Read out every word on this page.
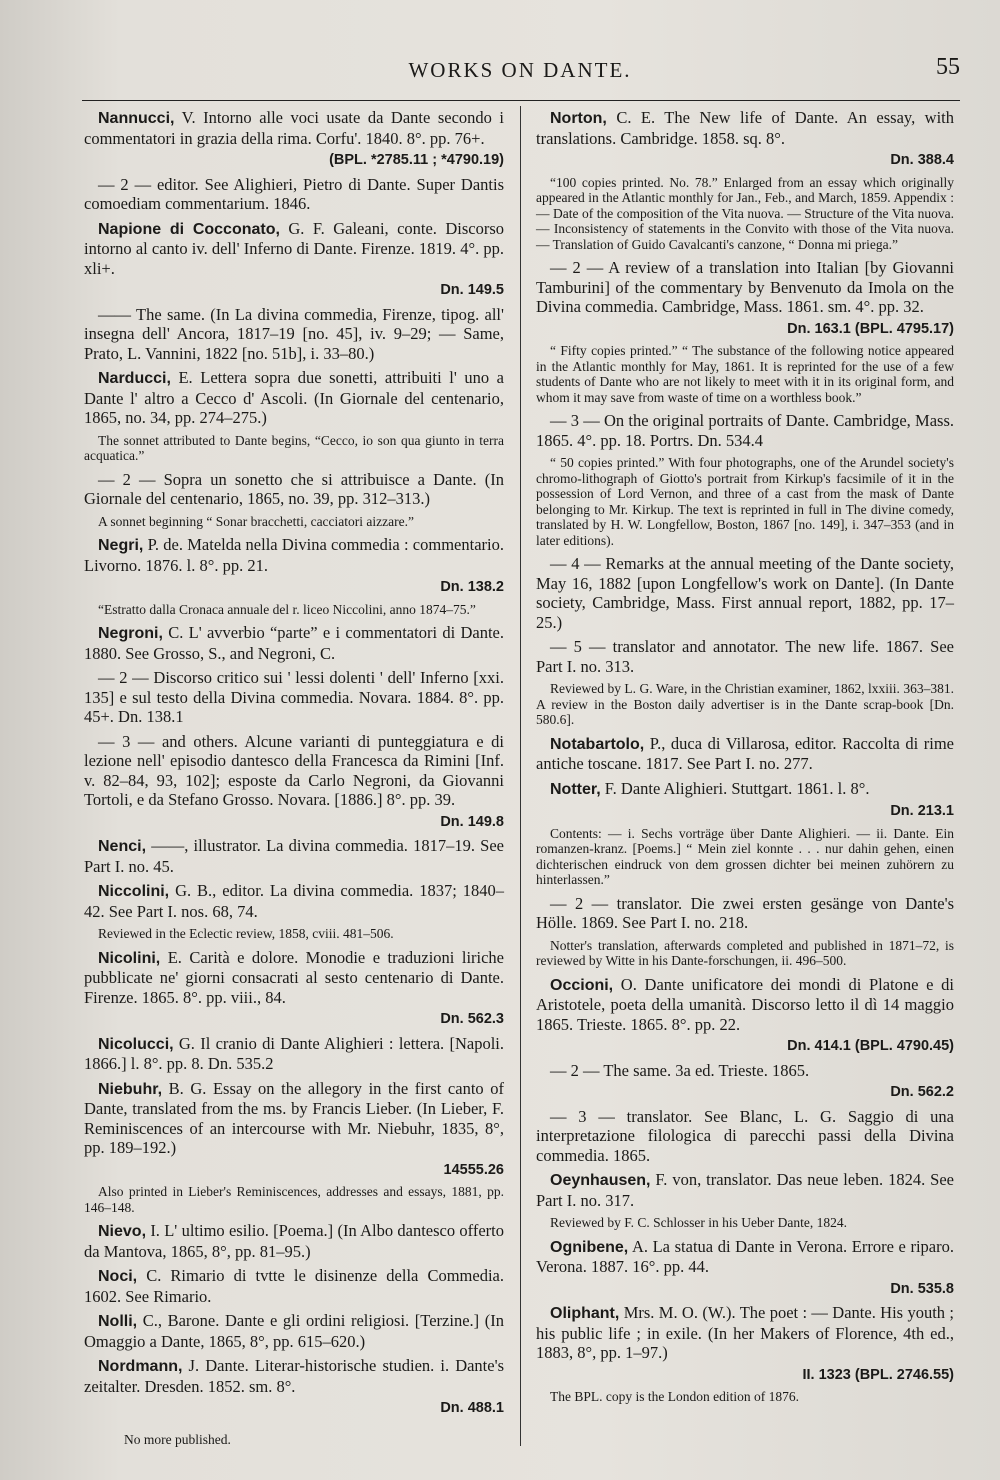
WORKS ON DANTE.	55

Nannucci, V. Intorno alle voci usate da Dante secondo i commentatori in grazia della rima. Corfu'. 1840. 8°. pp. 76+.

(BPL. *2785.11 ; *4790.19)

— 2 — editor. See Alighieri, Pietro di Dante. Super Dantis comoediam commentarium. 1846.

Napione di Cocconato, G. F. Galeani, conte. Discorso intorno al canto iv. dell' Inferno di Dante. Firenze. 1819. 4°. pp. xli+.

Dn. 149.5

—— The same. (In La divina commedia, Firenze, tipog. all' insegna dell' Ancora, 1817–19 [no. 45], iv. 9–29; — Same, Prato, L. Vannini, 1822 [no. 51b], i. 33–80.)

Narducci, E. Lettera sopra due sonetti, attribuiti l' uno a Dante l' altro a Cecco d' Ascoli. (In Giornale del centenario, 1865, no. 34, pp. 274–275.)

The sonnet attributed to Dante begins, “Cecco, io son qua giunto in terra acquatica.”

— 2 — Sopra un sonetto che si attribuisce a Dante. (In Giornale del centenario, 1865, no. 39, pp. 312–313.)

A sonnet beginning “ Sonar bracchetti, cacciatori aizzare.”

Negri, P. de. Matelda nella Divina commedia : commentario. Livorno. 1876. l. 8°. pp. 21.

Dn. 138.2

“Estratto dalla Cronaca annuale del r. liceo Niccolini, anno 1874–75.”

Negroni, C. L' avverbio “parte” e i commentatori di Dante. 1880. See Grosso, S., and Negroni, C.

— 2 — Discorso critico sui ' lessi dolenti ' dell' Inferno [xxi. 135] e sul testo della Divina commedia. Novara. 1884. 8°. pp. 45+. Dn. 138.1

— 3 — and others. Alcune varianti di punteggiatura e di lezione nell' episodio dantesco della Francesca da Rimini [Inf. v. 82–84, 93, 102]; esposte da Carlo Negroni, da Giovanni Tortoli, e da Stefano Grosso. Novara. [1886.] 8°. pp. 39.

Dn. 149.8

Nenci, ——, illustrator. La divina commedia. 1817–19. See Part I. no. 45.

Niccolini, G. B., editor. La divina commedia. 1837; 1840–42. See Part I. nos. 68, 74.

Reviewed in the Eclectic review, 1858, cviii. 481–506.

Nicolini, E. Carità e dolore. Monodie e traduzioni liriche pubblicate ne' giorni consacrati al sesto centenario di Dante. Firenze. 1865. 8°. pp. viii., 84.

Dn. 562.3

Nicolucci, G. Il cranio di Dante Alighieri : lettera. [Napoli. 1866.] l. 8°. pp. 8. Dn. 535.2

Niebuhr, B. G. Essay on the allegory in the first canto of Dante, translated from the ms. by Francis Lieber. (In Lieber, F. Reminiscences of an intercourse with Mr. Niebuhr, 1835, 8°, pp. 189–192.)

14555.26

Also printed in Lieber's Reminiscences, addresses and essays, 1881, pp. 146–148.

Nievo, I. L' ultimo esilio. [Poema.] (In Albo dantesco offerto da Mantova, 1865, 8°, pp. 81–95.)

Noci, C. Rimario di tvtte le disinenze della Commedia. 1602. See Rimario.

Nolli, C., Barone. Dante e gli ordini religiosi. [Terzine.] (In Omaggio a Dante, 1865, 8°, pp. 615–620.)

Nordmann, J. Dante. Literar-historische studien. i. Dante's zeitalter. Dresden. 1852. sm. 8°.

Dn. 488.1

Norton, C. E. The New life of Dante. An essay, with translations. Cambridge. 1858. sq. 8°.

Dn. 388.4

“100 copies printed. No. 78.” Enlarged from an essay which originally appeared in the Atlantic monthly for Jan., Feb., and March, 1859. Appendix : — Date of the composition of the Vita nuova. — Structure of the Vita nuova. — Inconsistency of statements in the Convito with those of the Vita nuova. — Translation of Guido Cavalcanti's canzone, “ Donna mi priega.”

— 2 — A review of a translation into Italian [by Giovanni Tamburini] of the commentary by Benvenuto da Imola on the Divina commedia. Cambridge, Mass. 1861. sm. 4°. pp. 32.

Dn. 163.1 (BPL. 4795.17)

“ Fifty copies printed.” “ The substance of the following notice appeared in the Atlantic monthly for May, 1861. It is reprinted for the use of a few students of Dante who are not likely to meet with it in its original form, and whom it may save from waste of time on a worthless book.”

— 3 — On the original portraits of Dante. Cambridge, Mass. 1865. 4°. pp. 18. Portrs. Dn. 534.4

“ 50 copies printed.” With four photographs, one of the Arundel society's chromo-lithograph of Giotto's portrait from Kirkup's facsimile of it in the possession of Lord Vernon, and three of a cast from the mask of Dante belonging to Mr. Kirkup. The text is reprinted in full in The divine comedy, translated by H. W. Longfellow, Boston, 1867 [no. 149], i. 347–353 (and in later editions).

— 4 — Remarks at the annual meeting of the Dante society, May 16, 1882 [upon Longfellow's work on Dante]. (In Dante society, Cambridge, Mass. First annual report, 1882, pp. 17–25.)

— 5 — translator and annotator. The new life. 1867. See Part I. no. 313.

Reviewed by L. G. Ware, in the Christian examiner, 1862, lxxiii. 363–381. A review in the Boston daily advertiser is in the Dante scrap-book [Dn. 580.6].

Notabartolo, P., duca di Villarosa, editor. Raccolta di rime antiche toscane. 1817. See Part I. no. 277.

Notter, F. Dante Alighieri. Stuttgart. 1861. l. 8°.

Dn. 213.1

Contents: — i. Sechs vorträge über Dante Alighieri. — ii. Dante. Ein romanzen-kranz. [Poems.] “ Mein ziel konnte . . . nur dahin gehen, einen dichterischen eindruck von dem grossen dichter bei meinen zuhörern zu hinterlassen.”

— 2 — translator. Die zwei ersten gesänge von Dante's Hölle. 1869. See Part I. no. 218.

Notter's translation, afterwards completed and published in 1871–72, is reviewed by Witte in his Dante-forschungen, ii. 496–500.

Occioni, O. Dante unificatore dei mondi di Platone e di Aristotele, poeta della umanità. Discorso letto il dì 14 maggio 1865. Trieste. 1865. 8°. pp. 22.

Dn. 414.1 (BPL. 4790.45)

— 2 — The same. 3a ed. Trieste. 1865.

Dn. 562.2

— 3 — translator. See Blanc, L. G. Saggio di una interpretazione filologica di parecchi passi della Divina commedia. 1865.

Oeynhausen, F. von, translator. Das neue leben. 1824. See Part I. no. 317.

Reviewed by F. C. Schlosser in his Ueber Dante, 1824.

Ognibene, A. La statua di Dante in Verona. Errore e riparo. Verona. 1887. 16°. pp. 44.

Dn. 535.8

Oliphant, Mrs. M. O. (W.). The poet : — Dante. His youth ; his public life ; in exile. (In her Makers of Florence, 4th ed., 1883, 8°, pp. 1–97.)

II. 1323 (BPL. 2746.55)

The BPL. copy is the London edition of 1876.

No more published.
